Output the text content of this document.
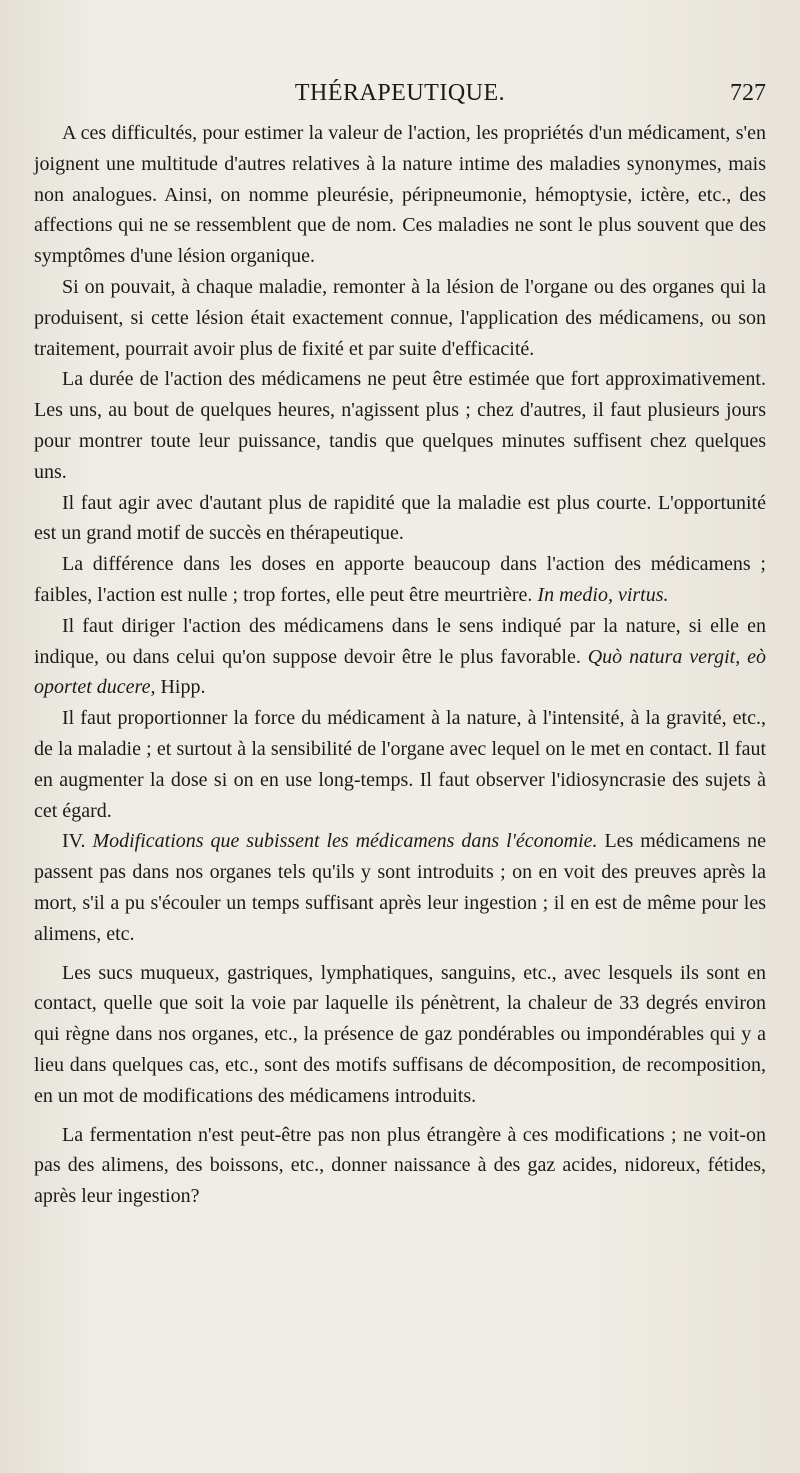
THÉRAPEUTIQUE.	727

A ces difficultés, pour estimer la valeur de l'action, les propriétés d'un médicament, s'en joignent une multitude d'autres relatives à la nature intime des maladies synonymes, mais non analogues. Ainsi, on nomme pleurésie, péripneumonie, hémoptysie, ictère, etc., des affections qui ne se ressemblent que de nom. Ces maladies ne sont le plus souvent que des symptômes d'une lésion organique.

Si on pouvait, à chaque maladie, remonter à la lésion de l'organe ou des organes qui la produisent, si cette lésion était exactement connue, l'application des médicamens, ou son traitement, pourrait avoir plus de fixité et par suite d'efficacité.

La durée de l'action des médicamens ne peut être estimée que fort approximativement. Les uns, au bout de quelques heures, n'agissent plus ; chez d'autres, il faut plusieurs jours pour montrer toute leur puissance, tandis que quelques minutes suffisent chez quelques uns.

Il faut agir avec d'autant plus de rapidité que la maladie est plus courte. L'opportunité est un grand motif de succès en thérapeutique.

La différence dans les doses en apporte beaucoup dans l'action des médicamens ; faibles, l'action est nulle ; trop fortes, elle peut être meurtrière. In medio, virtus.

Il faut diriger l'action des médicamens dans le sens indiqué par la nature, si elle en indique, ou dans celui qu'on suppose devoir être le plus favorable. Quò natura vergit, eò oportet ducere, Hipp.

Il faut proportionner la force du médicament à la nature, à l'intensité, à la gravité, etc., de la maladie ; et surtout à la sensibilité de l'organe avec lequel on le met en contact. Il faut en augmenter la dose si on en use long-temps. Il faut observer l'idiosyncrasie des sujets à cet égard.

IV. Modifications que subissent les médicamens dans l'économie. Les médicamens ne passent pas dans nos organes tels qu'ils y sont introduits ; on en voit des preuves après la mort, s'il a pu s'écouler un temps suffisant après leur ingestion ; il en est de même pour les alimens, etc.

Les sucs muqueux, gastriques, lymphatiques, sanguins, etc., avec lesquels ils sont en contact, quelle que soit la voie par laquelle ils pénètrent, la chaleur de 33 degrés environ qui règne dans nos organes, etc., la présence de gaz pondérables ou impondérables qui y a lieu dans quelques cas, etc., sont des motifs suffisans de décomposition, de recomposition, en un mot de modifications des médicamens introduits.

La fermentation n'est peut-être pas non plus étrangère à ces modifications ; ne voit-on pas des alimens, des boissons, etc., donner naissance à des gaz acides, nidoreux, fétides, après leur ingestion?
